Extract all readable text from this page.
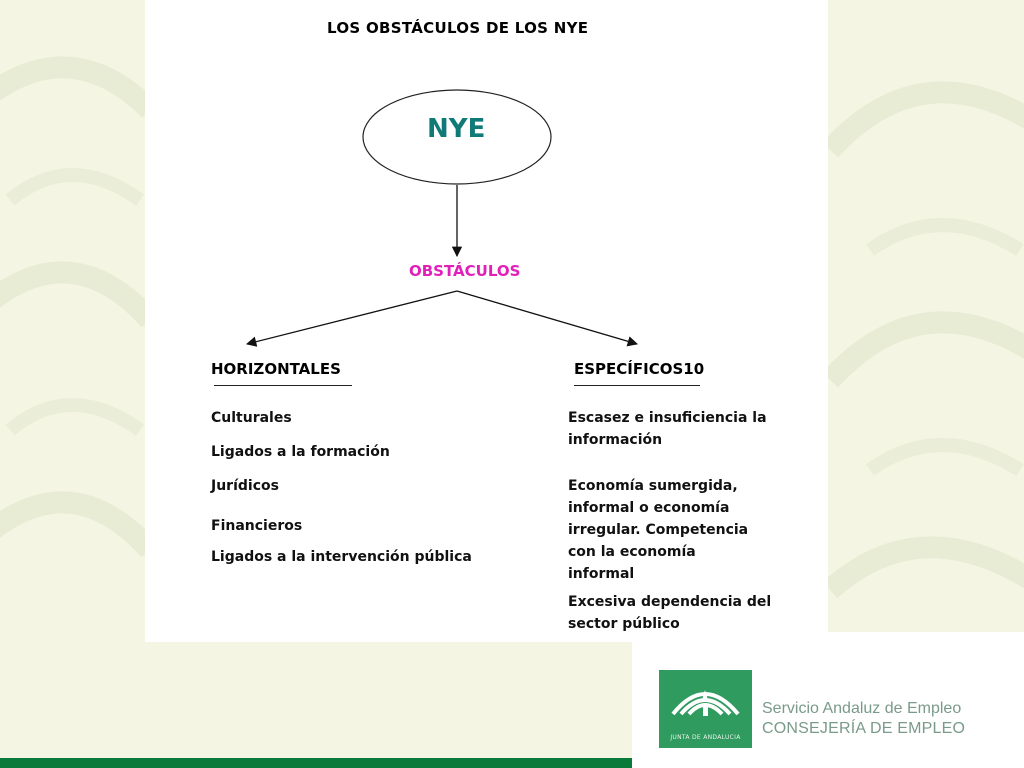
LOS OBSTÁCULOS DE LOS NYE
NYE
OBSTÁCULOS
HORIZONTALES	ESPECÍFICOS10
Culturales
Ligados a la formación
Jurídicos
Financieros
Ligados a la intervención pública
Escasez e insuficiencia la información
Economía sumergida, informal o economía irregular. Competencia con la economía informal
Excesiva dependencia del sector público
JUNTA DE ANDALUCIA
Servicio Andaluz de Empleo
CONSEJERÍA DE EMPLEO
